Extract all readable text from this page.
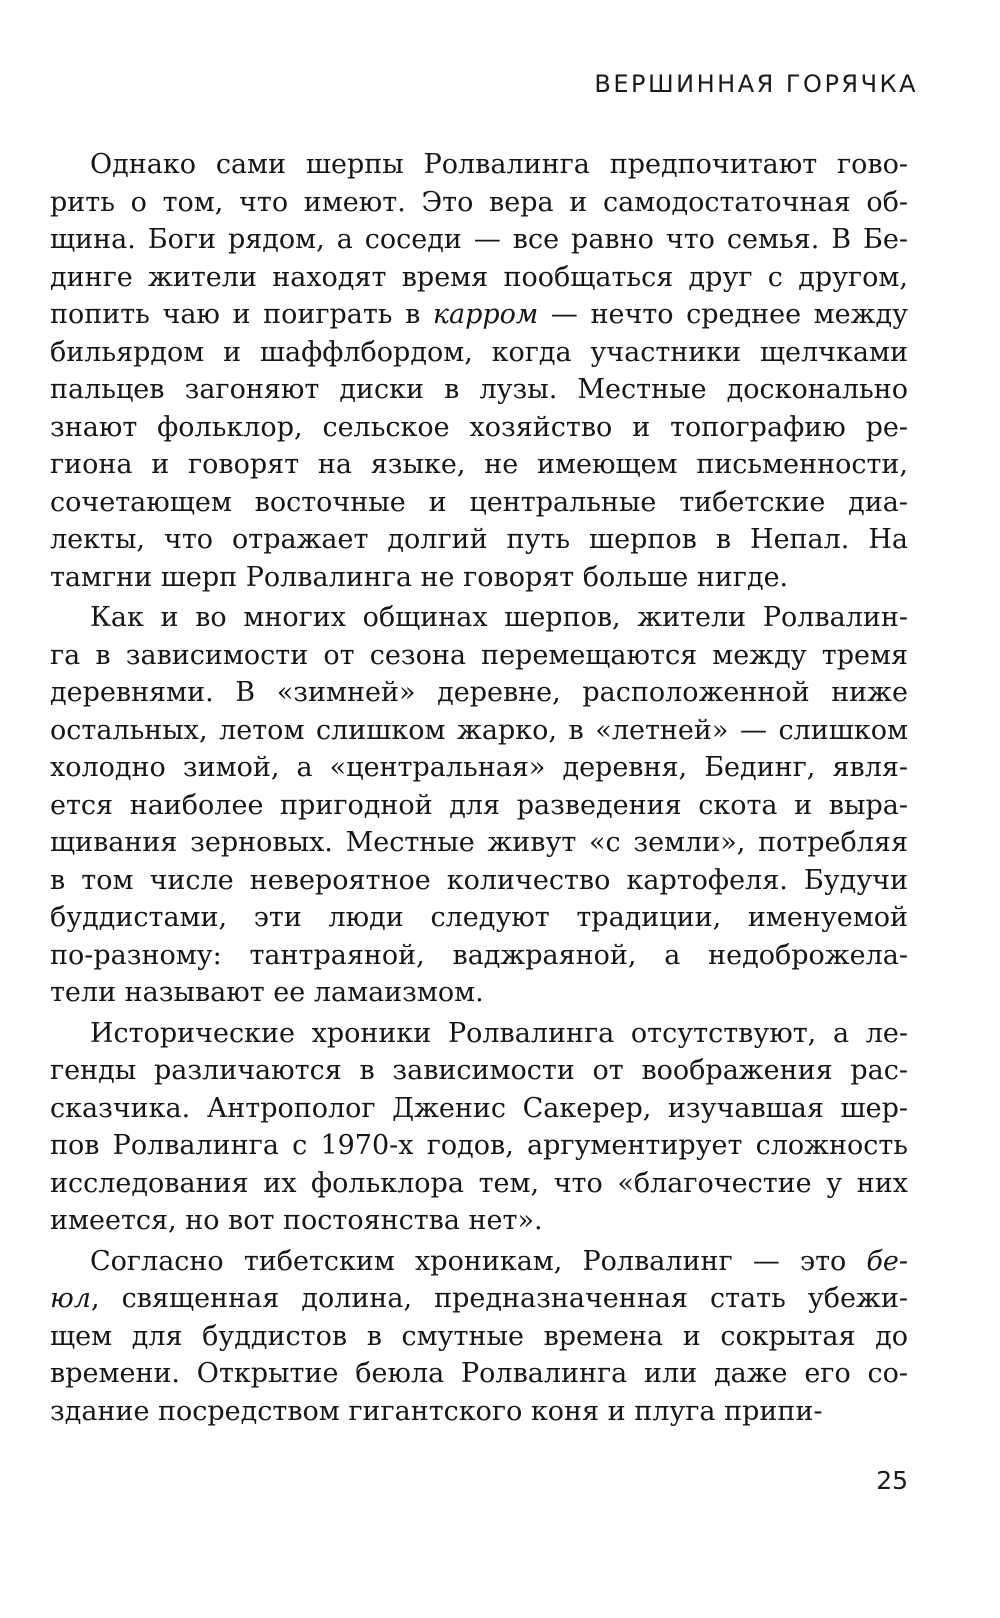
ВЕРШИННАЯ ГОРЯЧКА
Однако сами шерпы Ролвалинга предпочитают гово-
рить о том, что имеют. Это вера и самодостаточная об-
щина. Боги рядом, а соседи — все равно что семья. В Бе-
динге жители находят время пообщаться друг с другом,
попить чаю и поиграть в каррoм — нечто среднее между
бильярдом и шаффлбордом, когда участники щелчками
пальцев загоняют диски в лузы. Местные досконально
знают фольклор, сельское хозяйство и топографию ре-
гиона и говорят на языке, не имеющем письменности,
сочетающем восточные и центральные тибетские диа-
лекты, что отражает долгий путь шерпов в Непал. На
тамгни шерп Ролвалинга не говорят больше нигде.
Как и во многих общинах шерпов, жители Ролвалин-
га в зависимости от сезона перемещаются между тремя
деревнями. В «зимней» деревне, расположенной ниже
остальных, летом слишком жарко, в «летней» — слишком
холодно зимой, а «центральная» деревня, Бединг, явля-
ется наиболее пригодной для разведения скота и выра-
щивания зерновых. Местные живут «с земли», потребляя
в том числе невероятное количество картофеля. Будучи
буддистами, эти люди следуют традиции, именуемой
по-разному: тантраяной, ваджраяной, а недоброжела-
тели называют ее ламаизмом.
Исторические хроники Ролвалинга отсутствуют, а ле-
генды различаются в зависимости от воображения рас-
сказчика. Антрополог Дженис Сакерер, изучавшая шер-
пов Ролвалинга с 1970-х годов, аргументирует сложность
исследования их фольклора тем, что «благочестие у них
имеется, но вот постоянства нет».
Согласно тибетским хроникам, Ролвалинг — это бе-
юл, священная долина, предназначенная стать убежи-
щем для буддистов в смутные времена и сокрытая до
времени. Открытие беюла Ролвалинга или даже его со-
здание посредством гигантского коня и плуга припи-
25
